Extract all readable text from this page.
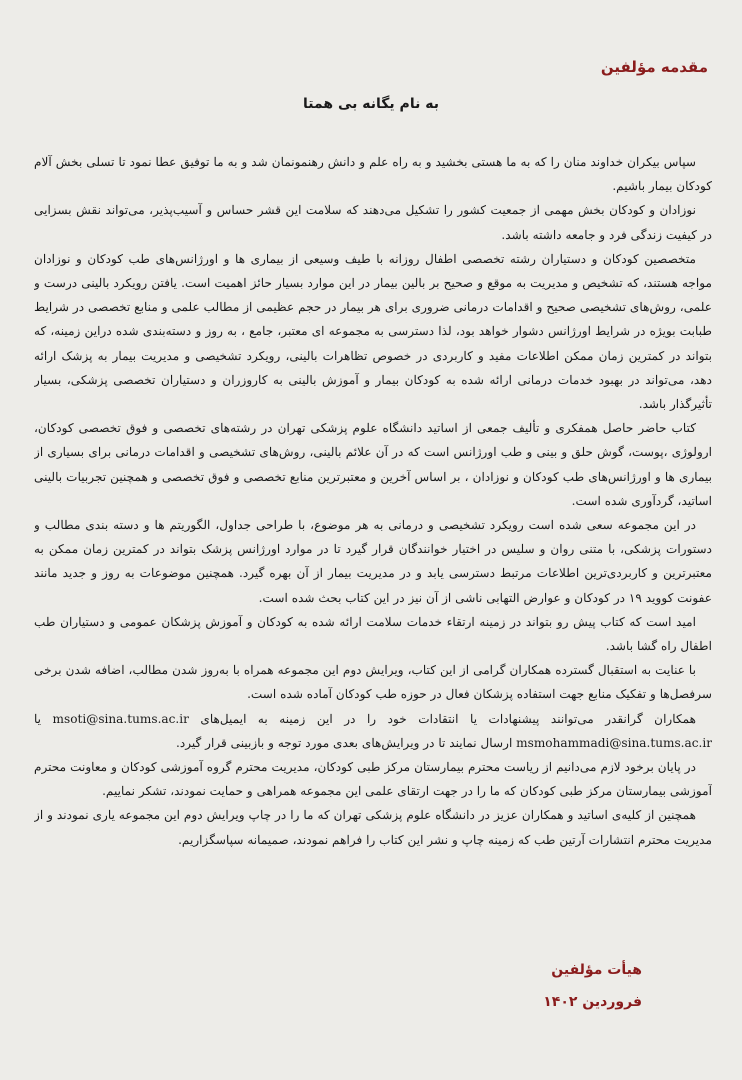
مقدمه مؤلفین
به نام یگانه بی همتا

سپاس بیکران خداوند منان را که به ما هستی بخشید و به راه علم و دانش رهنمونمان شد و به ما توفیق عطا نمود تا تسلی بخش آلام کودکان بیمار باشیم.

نوزادان و کودکان بخش مهمی از جمعیت کشور را تشکیل می‌دهند که سلامت این قشر حساس و آسیب‌پذیر، می‌تواند نقش بسزایی در کیفیت زندگی فرد و جامعه داشته باشد.

متخصصین کودکان و دستیاران رشته تخصصی اطفال روزانه با طیف وسیعی از بیماری ها و اورژانس‌های طب کودکان و نوزادان مواجه هستند، که تشخیص و مدیریت به موقع و صحیح بر بالین بیمار در این موارد بسیار حائز اهمیت است. یافتن رویکرد بالینی درست و علمی، روش‌های تشخیصی صحیح و اقدامات درمانی ضروری برای هر بیمار در حجم عظیمی از مطالب علمی و منابع تخصصی در شرایط طبابت بویژه در شرایط اورژانس دشوار خواهد بود، لذا دسترسی به مجموعه ای معتبر، جامع ، به روز و دسته‌بندی شده دراین زمینه، که بتواند در کمترین زمان ممکن اطلاعات مفید و کاربردی در خصوص تظاهرات بالینی، رویکرد تشخیصی و مدیریت بیمار به پزشک ارائه دهد، می‌تواند در بهبود خدمات درمانی ارائه شده به کودکان بیمار و آموزش بالینی به کاروزران و دستیاران تخصصی پزشکی، بسیار تأثیرگذار باشد.

کتاب حاضر حاصل همفکری و تألیف جمعی از اساتید دانشگاه علوم پزشکی تهران در رشته‌های تخصصی و فوق تخصصی کودکان، ارولوژی ،پوست، گوش حلق و بینی و طب اورژانس است که در آن علائم بالینی، روش‌های تشخیصی و اقدامات درمانی برای بسیاری از بیماری ها و اورژانس‌های طب کودکان و نوزادان ، بر اساس آخرین و معتبرترین منابع تخصصی و فوق تخصصی و همچنین تجربیات بالینی اساتید، گردآوری شده است.

در این مجموعه سعی شده است رویکرد تشخیصی و درمانی به هر موضوع، با طراحی جداول، الگوریتم ها و دسته بندی مطالب و دستورات پزشکی، با متنی روان و سلیس در اختیار خوانندگان قرار گیرد تا در موارد اورژانس پزشک بتواند در کمترین زمان ممکن به معتبرترین و کاربردی‌ترین اطلاعات مرتبط دسترسی یابد و در مدیریت بیمار از آن بهره گیرد. همچنین موضوعات به روز و جدید مانند عفونت کووید ۱۹ در کودکان و عوارض التهابی ناشی از آن نیز در این کتاب بحث شده است.

امید است که کتاب پیش رو بتواند در زمینه ارتقاء خدمات سلامت ارائه شده به کودکان و آموزش پزشکان عمومی و دستیاران طب اطفال راه گشا باشد.

با عنایت به استقبال گسترده همکاران گرامی از این کتاب، ویرایش دوم این مجموعه همراه با به‌روز شدن مطالب، اضافه شدن برخی سرفصل‌ها و تفکیک منابع جهت استفاده پزشکان فعال در حوزه طب کودکان آماده شده است.

همکاران گرانقدر می‌توانند پیشنهادات یا انتقادات خود را در این زمینه به ایمیل‌های msoti@sina.tums.ac.ir یا msmohammadi@sina.tums.ac.ir ارسال نمایند تا در ویرایش‌های بعدی مورد توجه و بازبینی قرار گیرد.

در پایان برخود لازم می‌دانیم از ریاست محترم بیمارستان مرکز طبی کودکان، مدیریت محترم گروه آموزشی کودکان و معاونت محترم آموزشی بیمارستان مرکز طبی کودکان که ما را در جهت ارتقای علمی این مجموعه همراهی و حمایت نمودند، تشکر نماییم.

همچنین از کلیه‌ی اساتید و همکاران عزیز در دانشگاه علوم پزشکی تهران که ما را در چاپ ویرایش دوم این مجموعه یاری نمودند و از مدیریت محترم انتشارات آرتین طب که زمینه چاپ و نشر این کتاب را فراهم نمودند، صمیمانه سپاسگزاریم.

هیأت مؤلفین
فروردین ۱۴۰۲
